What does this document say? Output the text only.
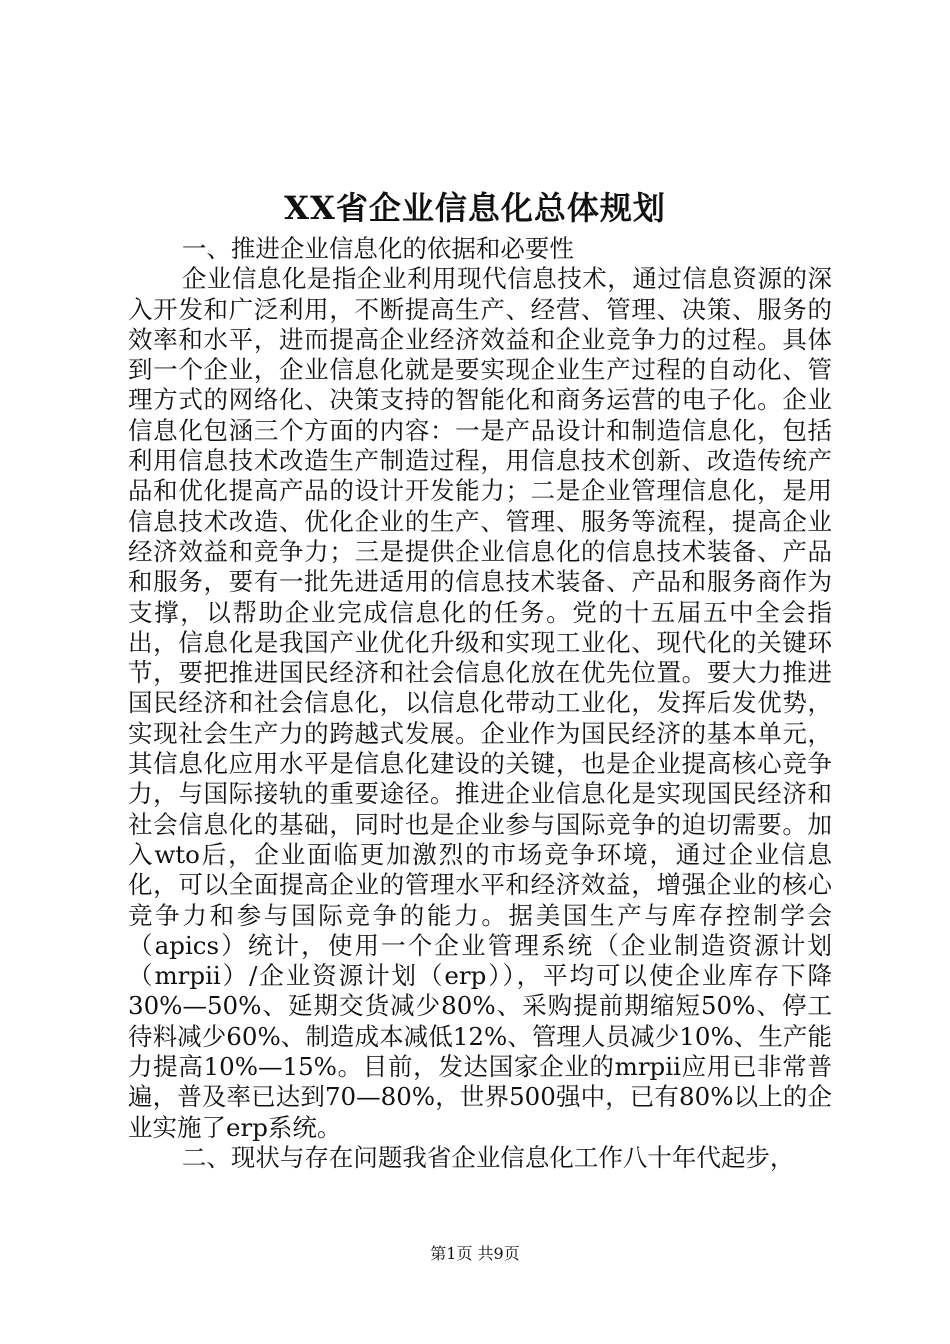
XX省企业信息化总体规划

一、推进企业信息化的依据和必要性

企业信息化是指企业利用现代信息技术，通过信息资源的深入开发和广泛利用，不断提高生产、经营、管理、决策、服务的效率和水平，进而提高企业经济效益和企业竞争力的过程。具体到一个企业，企业信息化就是要实现企业生产过程的自动化、管理方式的网络化、决策支持的智能化和商务运营的电子化。企业信息化包涵三个方面的内容：一是产品设计和制造信息化，包括利用信息技术改造生产制造过程，用信息技术创新、改造传统产品和优化提高产品的设计开发能力；二是企业管理信息化，是用信息技术改造、优化企业的生产、管理、服务等流程，提高企业经济效益和竞争力；三是提供企业信息化的信息技术装备、产品和服务，要有一批先进适用的信息技术装备、产品和服务商作为支撑，以帮助企业完成信息化的任务。党的十五届五中全会指出，信息化是我国产业优化升级和实现工业化、现代化的关键环节，要把推进国民经济和社会信息化放在优先位置。要大力推进国民经济和社会信息化，以信息化带动工业化，发挥后发优势，实现社会生产力的跨越式发展。企业作为国民经济的基本单元，其信息化应用水平是信息化建设的关键，也是企业提高核心竞争力，与国际接轨的重要途径。推进企业信息化是实现国民经济和社会信息化的基础，同时也是企业参与国际竞争的迫切需要。加入wto后，企业面临更加激烈的市场竞争环境，通过企业信息化，可以全面提高企业的管理水平和经济效益，增强企业的核心竞争力和参与国际竞争的能力。据美国生产与库存控制学会（apics）统计，使用一个企业管理系统（企业制造资源计划（mrpii）/企业资源计划（erp）），平均可以使企业库存下降30%—50%、延期交货减少80%、采购提前期缩短50%、停工待料减少60%、制造成本减低12%、管理人员减少10%、生产能力提高10%—15%。目前，发达国家企业的mrpii应用已非常普遍，普及率已达到70—80%，世界500强中，已有80%以上的企业实施了erp系统。

二、现状与存在问题我省企业信息化工作八十年代起步，

第1页 共9页
